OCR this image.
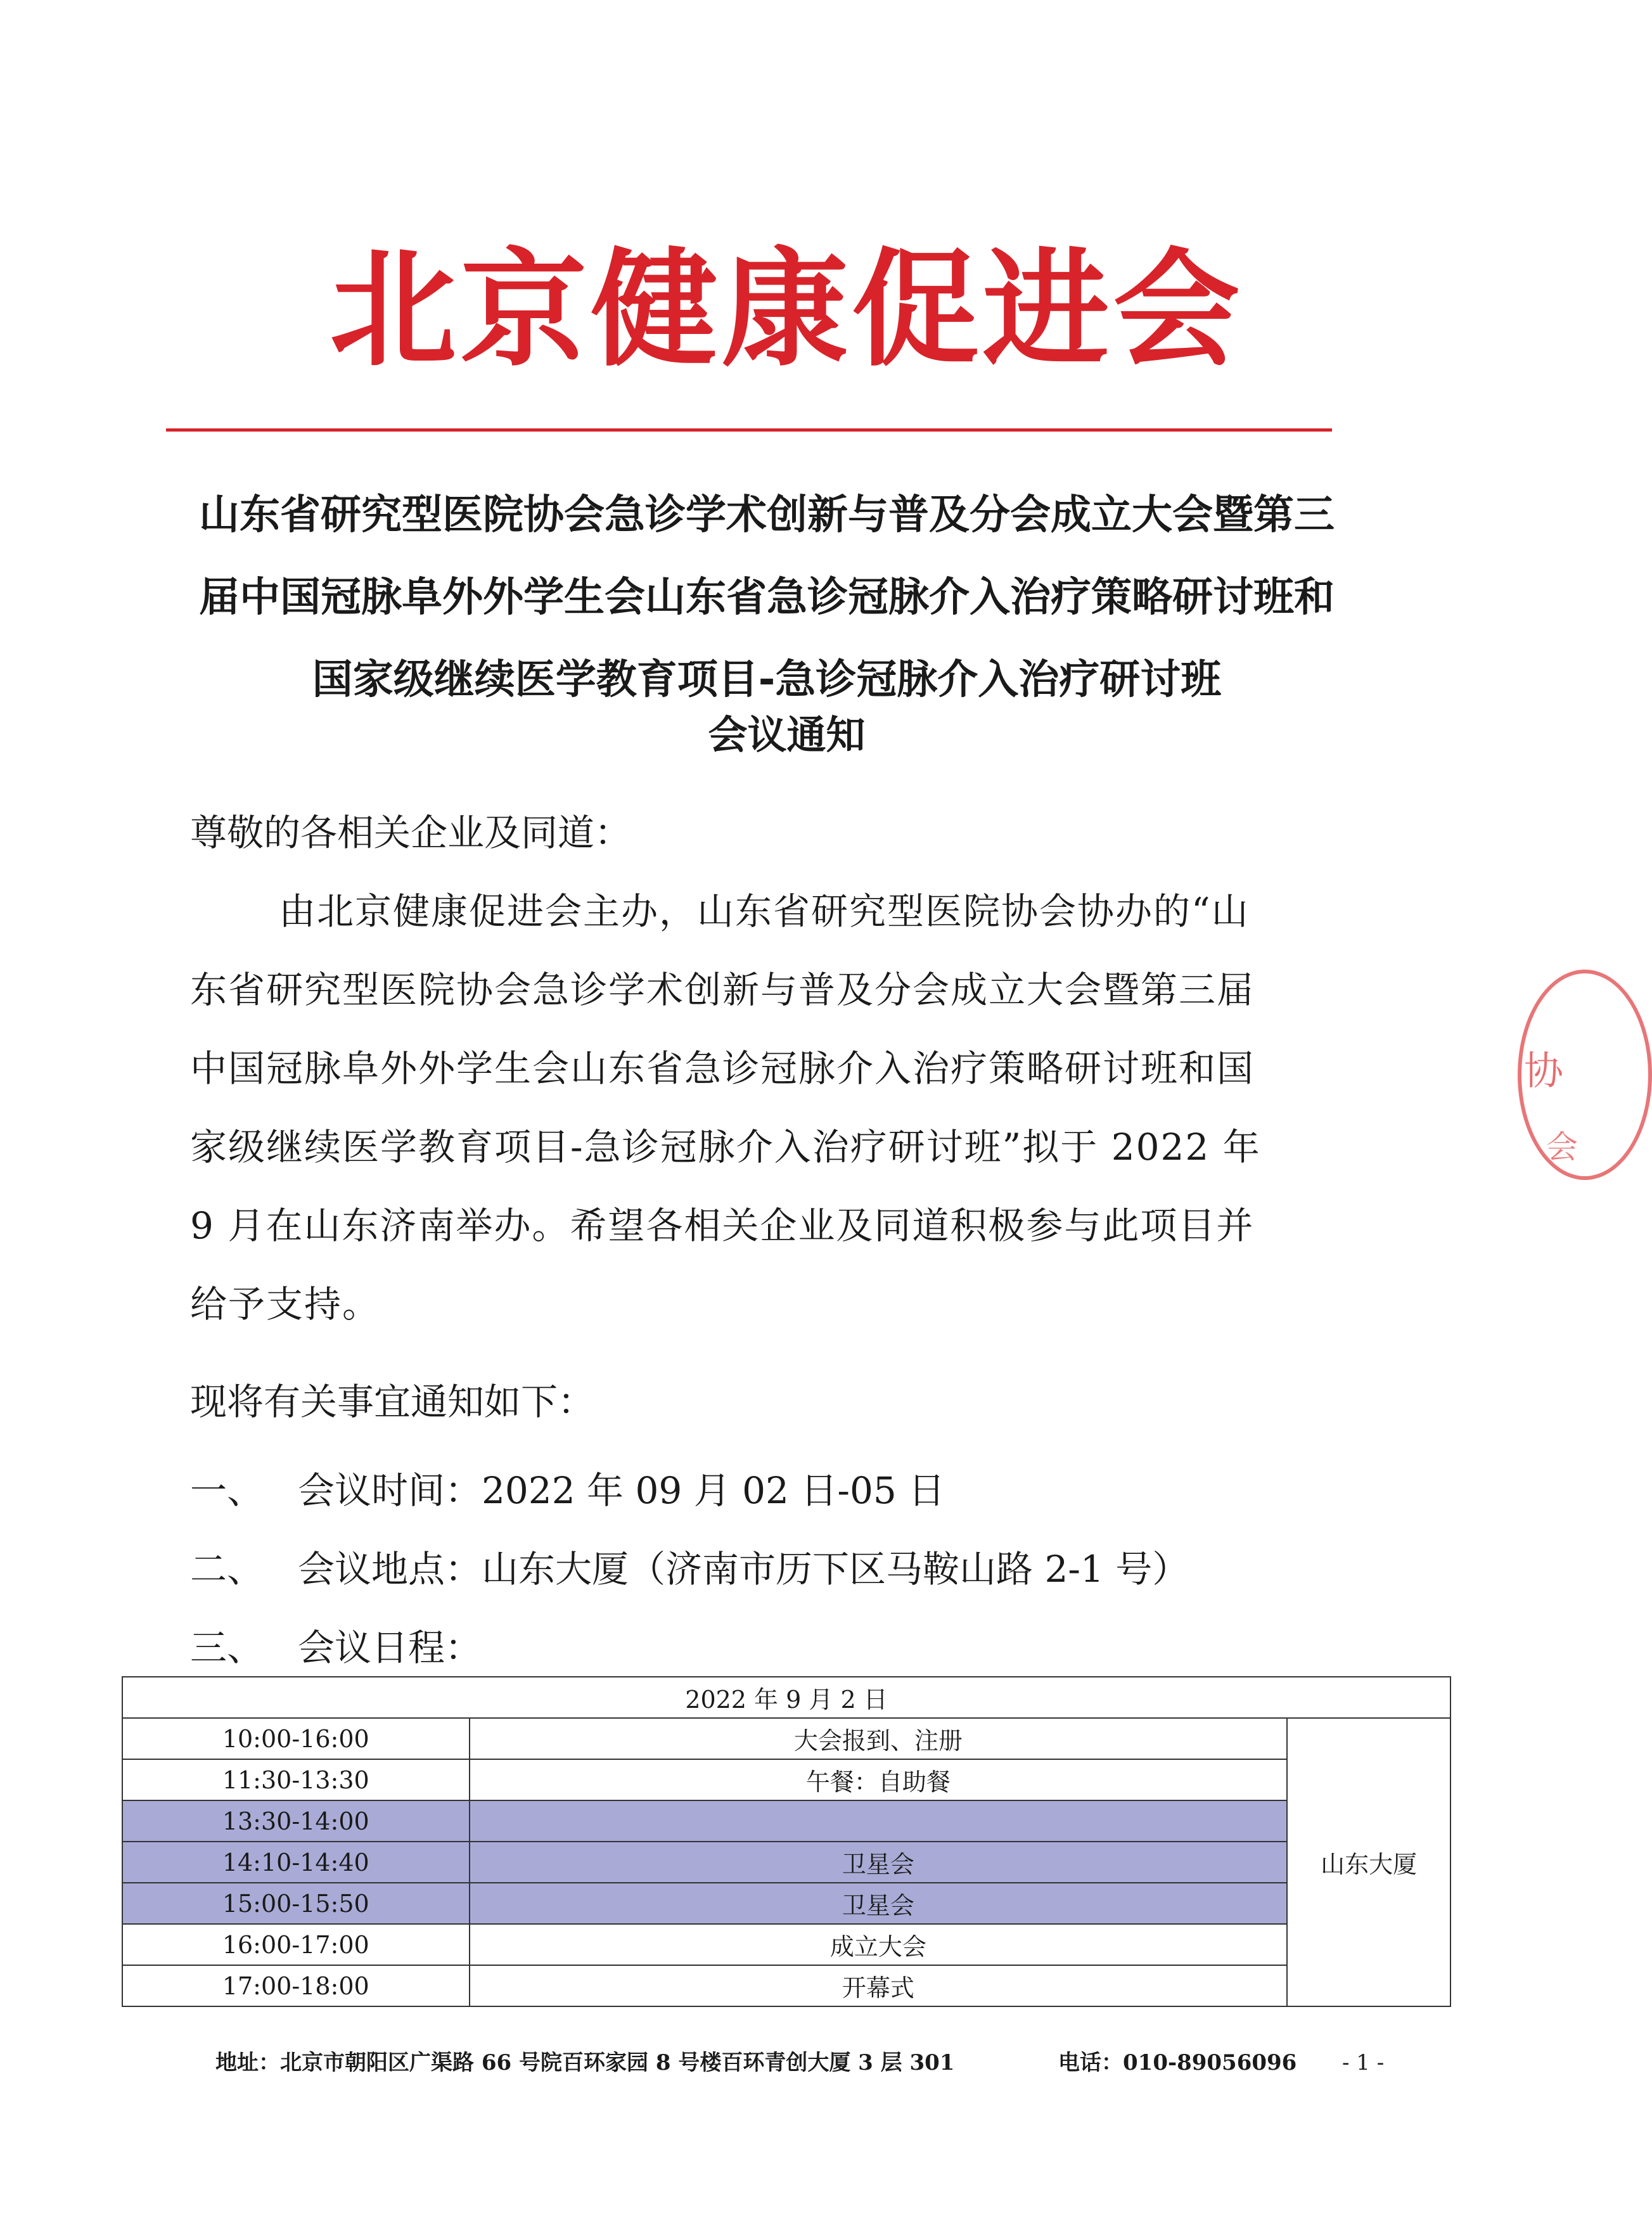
北京健康促进会
山东省研究型医院协会急诊学术创新与普及分会成立大会暨第三
届中国冠脉阜外外学生会山东省急诊冠脉介入治疗策略研讨班和
国家级继续医学教育项目-急诊冠脉介入治疗研讨班
会议通知
尊敬的各相关企业及同道：
由北京健康促进会主办，山东省研究型医院协会协办的“山
东省研究型医院协会急诊学术创新与普及分会成立大会暨第三届
中国冠脉阜外外学生会山东省急诊冠脉介入治疗策略研讨班和国
家级继续医学教育项目-急诊冠脉介入治疗研讨班”拟于 2022 年
9 月在山东济南举办。希望各相关企业及同道积极参与此项目并
给予支持。
现将有关事宜通知如下：
一、 会议时间：2022 年 09 月 02 日-05 日
二、 会议地点：山东大厦（济南市历下区马鞍山路 2-1 号）
三、 会议日程：
2022 年 9 月 2 日		
10:00-16:00	大会报到、注册	山东大厦
11:30-13:30	午餐：自助餐	
13:30-14:00		
14:10-14:40	卫星会	
15:00-15:50	卫星会	
16:00-17:00	成立大会	
17:00-18:00	开幕式	
地址：北京市朝阳区广渠路 66 号院百环家园 8 号楼百环青创大厦 3 层 301	电话：010-89056096 - 1 -
协
会
